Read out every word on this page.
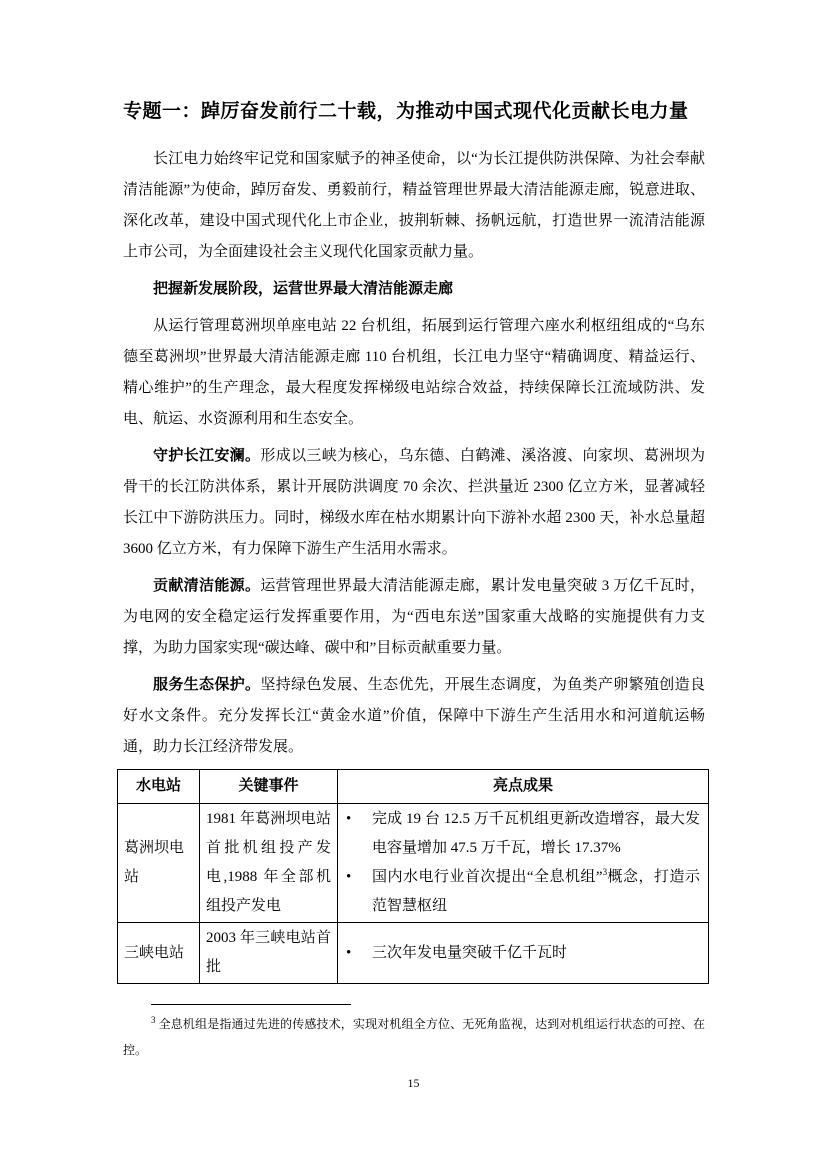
专题一：踔厉奋发前行二十载，为推动中国式现代化贡献长电力量

长江电力始终牢记党和国家赋予的神圣使命，以“为长江提供防洪保障、为社会奉献清洁能源”为使命，踔厉奋发、勇毅前行，精益管理世界最大清洁能源走廊，锐意进取、深化改革，建设中国式现代化上市企业，披荆斩棘、扬帆远航，打造世界一流清洁能源上市公司，为全面建设社会主义现代化国家贡献力量。

把握新发展阶段，运营世界最大清洁能源走廊

从运行管理葛洲坝单座电站 22 台机组，拓展到运行管理六座水利枢纽组成的“乌东德至葛洲坝”世界最大清洁能源走廊 110 台机组，长江电力坚守“精确调度、精益运行、精心维护”的生产理念，最大程度发挥梯级电站综合效益，持续保障长江流域防洪、发电、航运、水资源利用和生态安全。

守护长江安澜。形成以三峡为核心，乌东德、白鹤滩、溪洛渡、向家坝、葛洲坝为骨干的长江防洪体系，累计开展防洪调度 70 余次、拦洪量近 2300 亿立方米，显著减轻长江中下游防洪压力。同时，梯级水库在枯水期累计向下游补水超 2300 天，补水总量超 3600 亿立方米，有力保障下游生产生活用水需求。

贡献清洁能源。运营管理世界最大清洁能源走廊，累计发电量突破 3 万亿千瓦时，为电网的安全稳定运行发挥重要作用，为“西电东送”国家重大战略的实施提供有力支撑，为助力国家实现“碳达峰、碳中和”目标贡献重要力量。

服务生态保护。坚持绿色发展、生态优先，开展生态调度，为鱼类产卵繁殖创造良好水文条件。充分发挥长江“黄金水道”价值，保障中下游生产生活用水和河道航运畅通，助力长江经济带发展。

水电站	关键事件	亮点成果
葛洲坝电站	1981 年葛洲坝电站首批机组投产发电,1988 年全部机组投产发电	• 完成 19 台 12.5 万千瓦机组更新改造增容，最大发电容量增加 47.5 万千瓦，增长 17.37%
• 国内水电行业首次提出“全息机组”$^3$概念，打造示范智慧枢纽

三峡电站	2003 年三峡电站首批	• 三次年发电量突破千亿千瓦时

$^3$ 全息机组是指通过先进的传感技术，实现对机组全方位、无死角监视，达到对机组运行状态的可控、在控。

15
